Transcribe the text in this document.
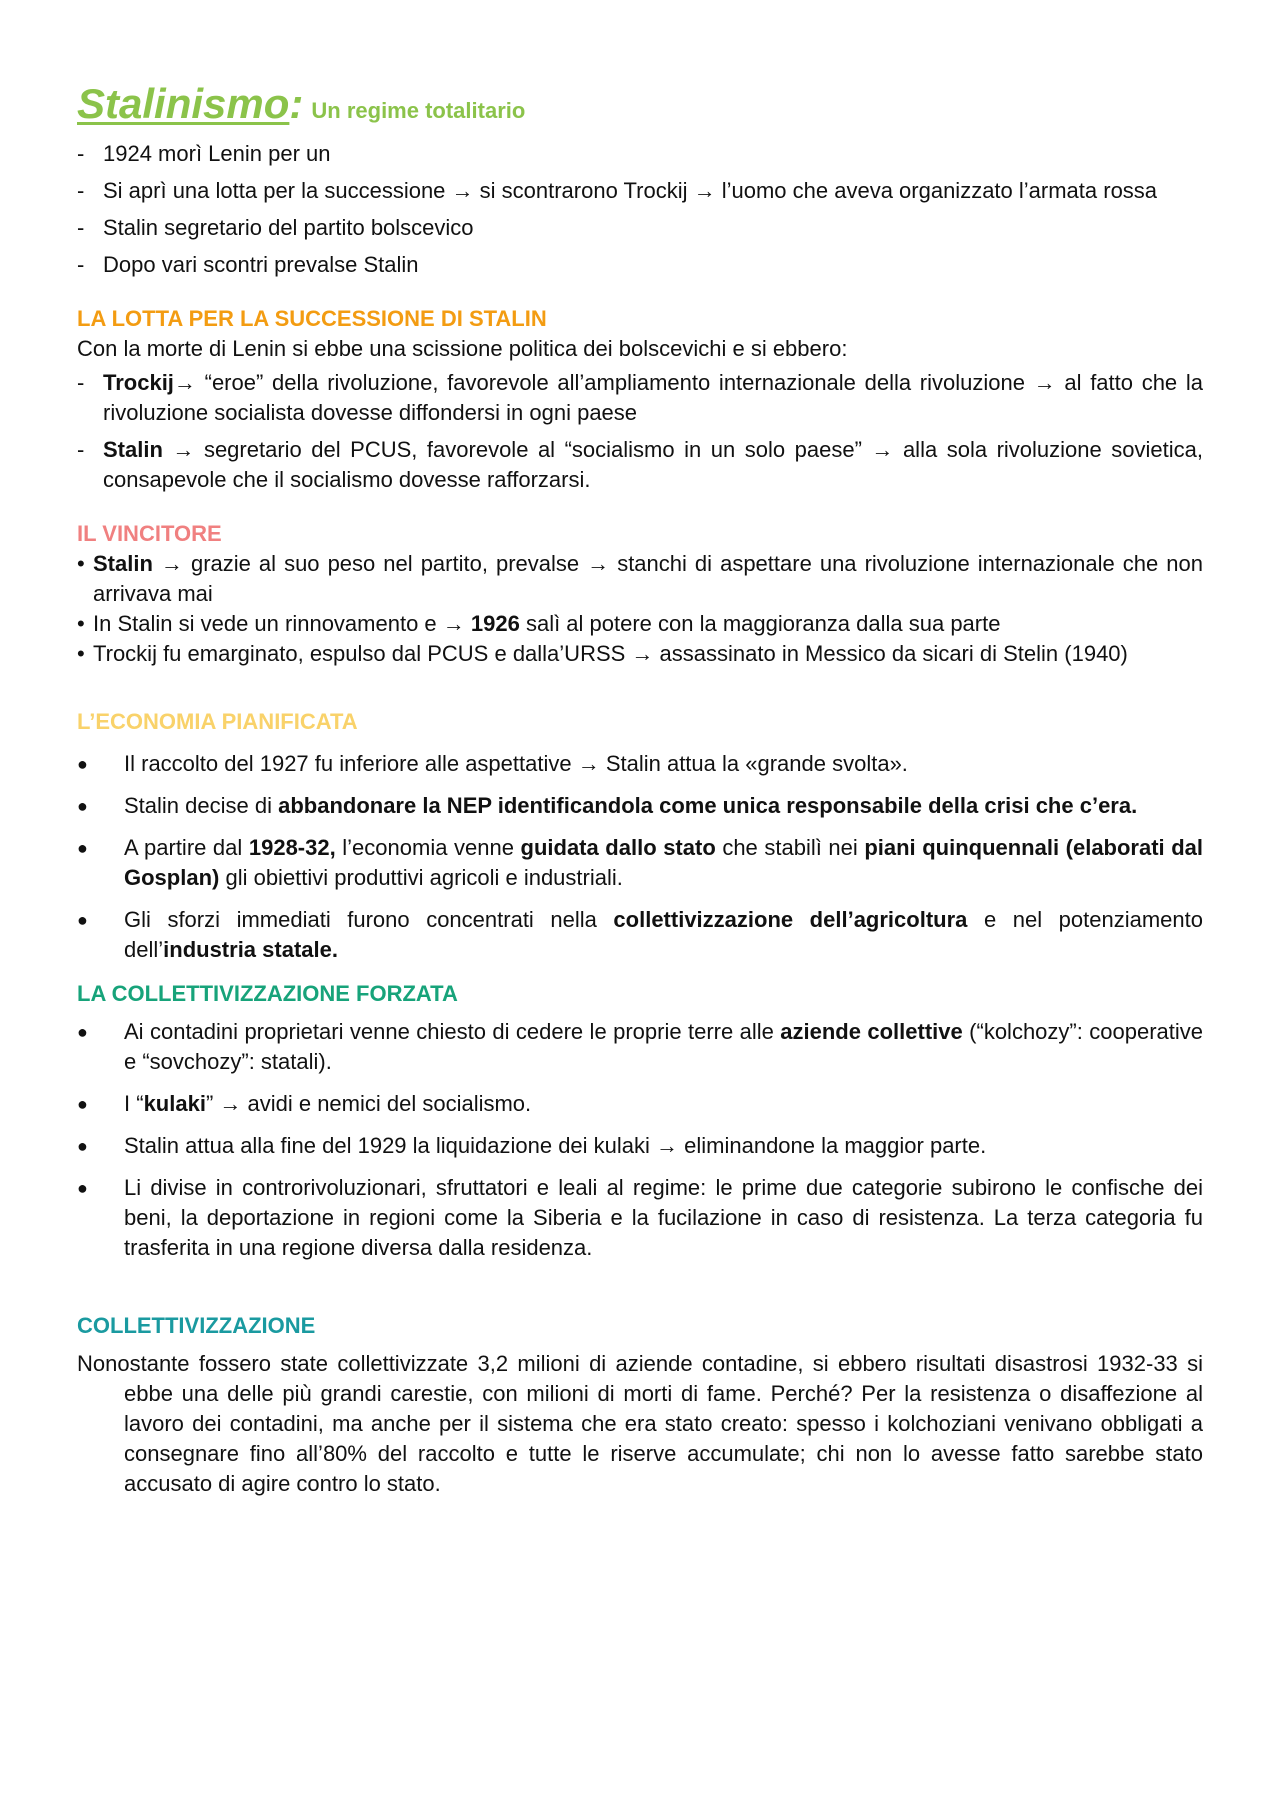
Stalinismo: Un regime totalitario
- 1924 morì Lenin per un
- Si aprì una lotta per la successione → si scontrarono Trockij → l’uomo che aveva organizzato l’armata rossa
- Stalin segretario del partito bolscevico
- Dopo vari scontri prevalse Stalin
LA LOTTA PER LA SUCCESSIONE DI STALIN

Con la morte di Lenin si ebbe una scissione politica dei bolscevichi e si ebbero:

- Trockij→ “eroe” della rivoluzione, favorevole all’ampliamento internazionale della rivoluzione → al fatto che la rivoluzione socialista dovesse diffondersi in ogni paese
- Stalin → segretario del PCUS, favorevole al “socialismo in un solo paese” → alla sola rivoluzione sovietica, consapevole che il socialismo dovesse rafforzarsi.
IL VINCITORE
• Stalin → grazie al suo peso nel partito, prevalse → stanchi di aspettare una rivoluzione internazionale che non arrivava mai
• In Stalin si vede un rinnovamento e → 1926 salì al potere con la maggioranza dalla sua parte
• Trockij fu emarginato, espulso dal PCUS e dalla’URSS → assassinato in Messico da sicari di Stelin (1940)
L’ECONOMIA PIANIFICATA
● Il raccolto del 1927 fu inferiore alle aspettative → Stalin attua la «grande svolta».
● Stalin decise di abbandonare la NEP identificandola come unica responsabile della crisi che c’era.
● A partire dal 1928-32, l’economia venne guidata dallo stato che stabilì nei piani quinquennali (elaborati dal Gosplan) gli obiettivi produttivi agricoli e industriali.
● Gli sforzi immediati furono concentrati nella collettivizzazione dell’agricoltura e nel potenziamento dell’industria statale.
LA COLLETTIVIZZAZIONE FORZATA
● Ai contadini proprietari venne chiesto di cedere le proprie terre alle aziende collettive (“kolchozy”: cooperative e “sovchozy”: statali).
● I “kulaki” → avidi e nemici del socialismo.
● Stalin attua alla fine del 1929 la liquidazione dei kulaki → eliminandone la maggior parte.
● Li divise in controrivoluzionari, sfruttatori e leali al regime: le prime due categorie subirono le confische dei beni, la deportazione in regioni come la Siberia e la fucilazione in caso di resistenza. La terza categoria fu trasferita in una regione diversa dalla residenza.
COLLETTIVIZZAZIONE

Nonostante fossero state collettivizzate 3,2 milioni di aziende contadine, si ebbero risultati disastrosi 1932-33 si ebbe una delle più grandi carestie, con milioni di morti di fame. Perché? Per la resistenza o disaffezione al lavoro dei contadini, ma anche per il sistema che era stato creato: spesso i kolchoziani venivano obbligati a consegnare fino all’80% del raccolto e tutte le riserve accumulate; chi non lo avesse fatto sarebbe stato accusato di agire contro lo stato.
